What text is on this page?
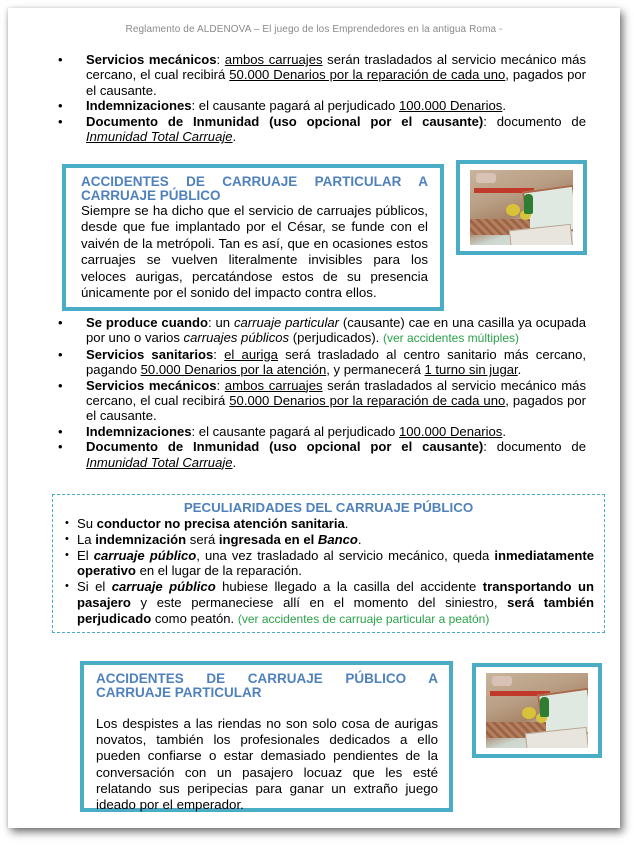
Reglamento de ALDENOVA – El juego de los Emprendedores en la antigua Roma -
• Servicios mecánicos: ambos carruajes serán trasladados al servicio mecánico más cercano, el cual recibirá 50.000 Denarios por la reparación de cada uno, pagados por el causante.
• Indemnizaciones: el causante pagará al perjudicado 100.000 Denarios.
• Documento de Inmunidad (uso opcional por el causante): documento de Inmunidad Total Carruaje.
ACCIDENTES DE CARRUAJE PARTICULAR A
CARRUAJE PÚBLICO
Siempre se ha dicho que el servicio de carruajes públicos, desde que fue implantado por el César, se funde con el vaivén de la metrópoli. Tan es así, que en ocasiones estos carruajes se vuelven literalmente invisibles para los veloces aurigas, percatándose estos de su presencia únicamente por el sonido del impacto contra ellos.
• Se produce cuando: un carruaje particular (causante) cae en una casilla ya ocupada por uno o varios carruajes públicos (perjudicados). (ver accidentes múltiples)
• Servicios sanitarios: el auriga será trasladado al centro sanitario más cercano, pagando 50.000 Denarios por la atención, y permanecerá 1 turno sin jugar.
• Servicios mecánicos: ambos carruajes serán trasladados al servicio mecánico más cercano, el cual recibirá 50.000 Denarios por la reparación de cada uno, pagados por el causante.
• Indemnizaciones: el causante pagará al perjudicado 100.000 Denarios.
• Documento de Inmunidad (uso opcional por el causante): documento de Inmunidad Total Carruaje.
PECULIARIDADES DEL CARRUAJE PÚBLICO
• Su conductor no precisa atención sanitaria.
• La indemnización será ingresada en el Banco.
• El carruaje público, una vez trasladado al servicio mecánico, queda inmediatamente operativo en el lugar de la reparación.
• Si el carruaje público hubiese llegado a la casilla del accidente transportando un pasajero y este permaneciese allí en el momento del siniestro, será también perjudicado como peatón. (ver accidentes de carruaje particular a peatón)
ACCIDENTES DE CARRUAJE PÚBLICO A CARRUAJE PARTICULAR
Los despistes a las riendas no son solo cosa de aurigas novatos, también los profesionales dedicados a ello pueden confiarse o estar demasiado pendientes de la conversación con un pasajero locuaz que les esté relatando sus peripecias para ganar un extraño juego ideado por el emperador.
